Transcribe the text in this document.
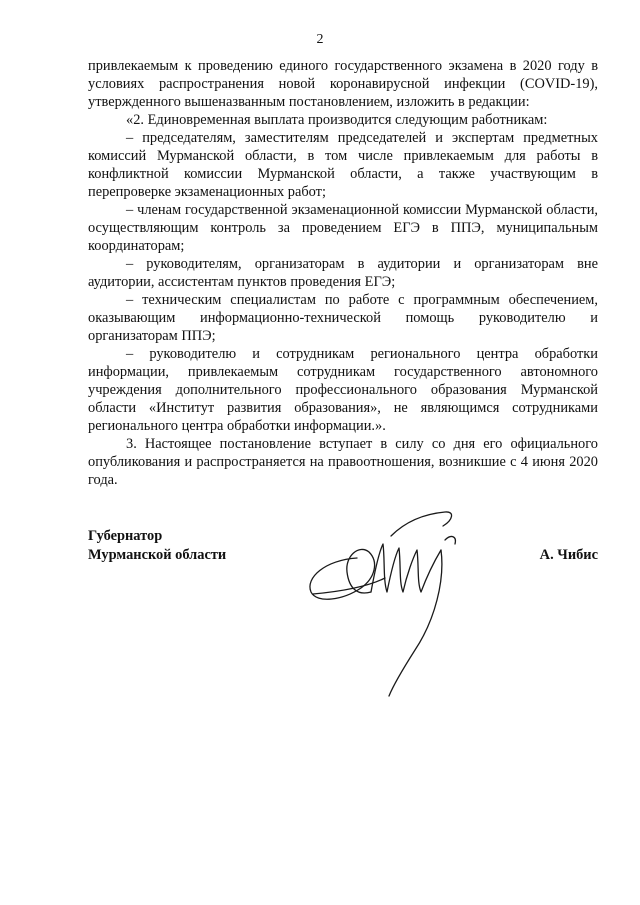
2

привлекаемым к проведению единого государственного экзамена в 2020 году в условиях распространения новой коронавирусной инфекции (COVID-19), утвержденного вышеназванным постановлением, изложить в редакции:

«2. Единовременная выплата производится следующим работникам:

– председателям, заместителям председателей и экспертам предметных комиссий Мурманской области, в том числе привлекаемым для работы в конфликтной комиссии Мурманской области, а также участвующим в перепроверке экзаменационных работ;

– членам государственной экзаменационной комиссии Мурманской области, осуществляющим контроль за проведением ЕГЭ в ППЭ, муниципальным координаторам;

– руководителям, организаторам в аудитории и организаторам вне аудитории, ассистентам пунктов проведения ЕГЭ;

– техническим специалистам по работе с программным обеспечением, оказывающим информационно-технической помощь руководителю и организаторам ППЭ;

– руководителю и сотрудникам регионального центра обработки информации, привлекаемым сотрудникам государственного автономного учреждения дополнительного профессионального образования Мурманской области «Институт развития образования», не являющимся сотрудниками регионального центра обработки информации.».

3. Настоящее постановление вступает в силу со дня его официального опубликования и распространяется на правоотношения, возникшие с 4 июня 2020 года.

Губернатор
Мурманской области	А. Чибис
